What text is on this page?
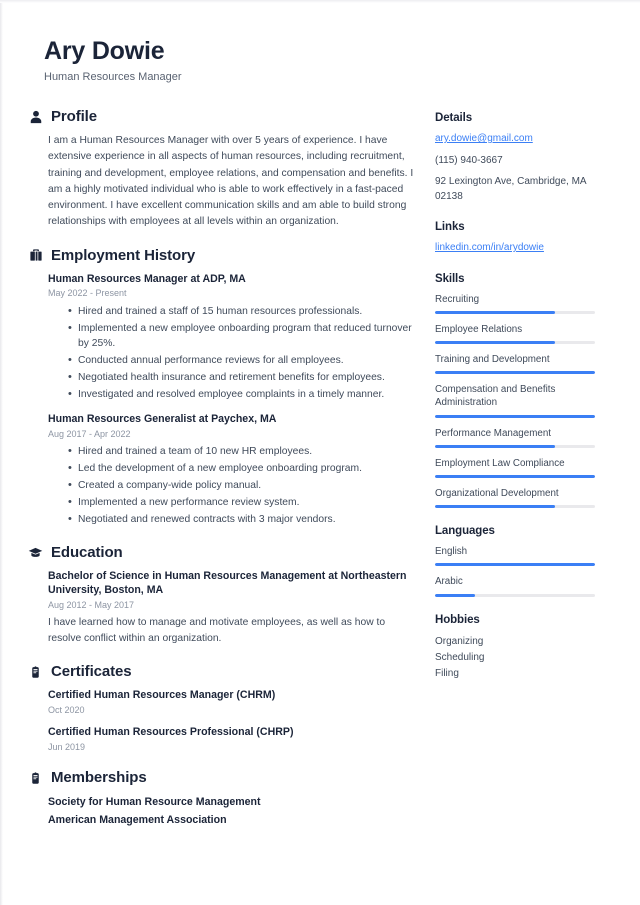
Ary Dowie
Human Resources Manager
Profile

I am a Human Resources Manager with over 5 years of experience. I have extensive experience in all aspects of human resources, including recruitment, training and development, employee relations, and compensation and benefits. I am a highly motivated individual who is able to work effectively in a fast-paced environment. I have excellent communication skills and am able to build strong relationships with employees at all levels within an organization.

Employment History
Human Resources Manager at ADP, MA
May 2022 - Present
• Hired and trained a staff of 15 human resources professionals.
• Implemented a new employee onboarding program that reduced turnover by 25%.
• Conducted annual performance reviews for all employees.
• Negotiated health insurance and retirement benefits for employees.
• Investigated and resolved employee complaints in a timely manner.
Human Resources Generalist at Paychex, MA
Aug 2017 - Apr 2022
• Hired and trained a team of 10 new HR employees.
• Led the development of a new employee onboarding program.
• Created a company-wide policy manual.
• Implemented a new performance review system.
• Negotiated and renewed contracts with 3 major vendors.
Education
Bachelor of Science in Human Resources Management at Northeastern University, Boston, MA
Aug 2012 - May 2017
I have learned how to manage and motivate employees, as well as how to resolve conflict within an organization.
Certificates
Certified Human Resources Manager (CHRM)
Oct 2020
Certified Human Resources Professional (CHRP)
Jun 2019
Memberships
Society for Human Resource Management
American Management Association
Details
ary.dowie@gmail.com
(115) 940-3667
92 Lexington Ave, Cambridge, MA 02138
Links
linkedin.com/in/arydowie
Skills
Recruiting
Employee Relations
Training and Development
Compensation and Benefits Administration
Performance Management
Employment Law Compliance
Organizational Development
Languages
English
Arabic
Hobbies
Organizing
Scheduling
Filing
